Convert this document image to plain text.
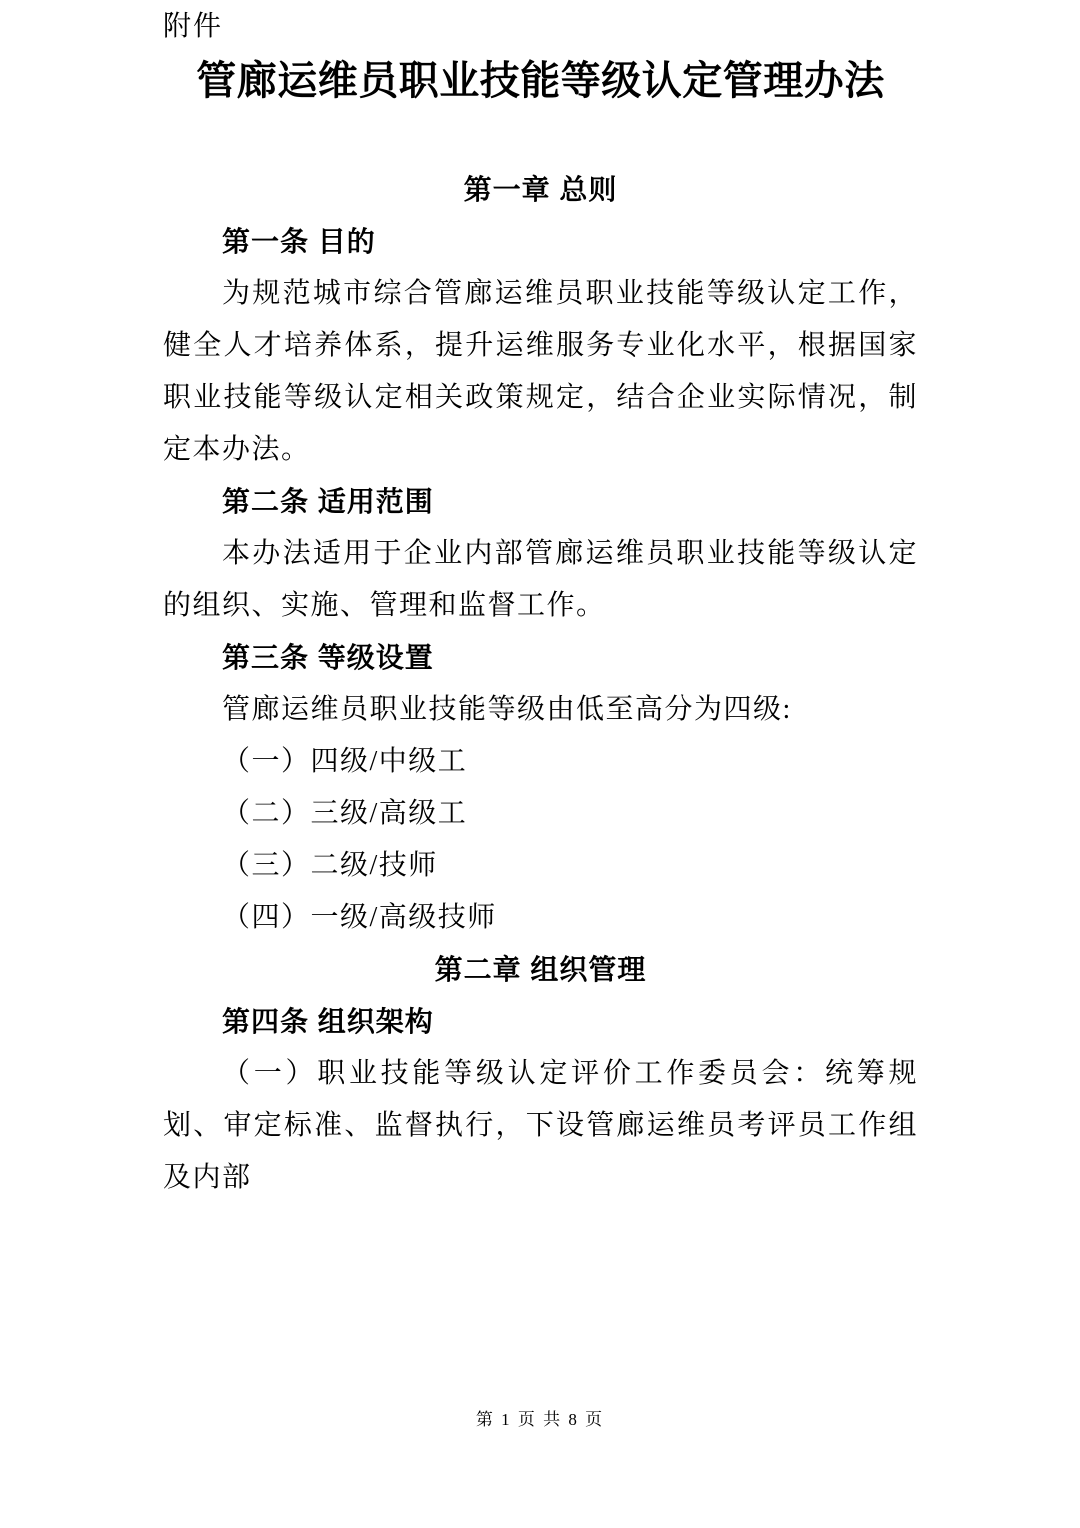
附件
管廊运维员职业技能等级认定管理办法
第一章 总则
第一条 目的
为规范城市综合管廊运维员职业技能等级认定工作，健全人才培养体系，提升运维服务专业化水平，根据国家职业技能等级认定相关政策规定，结合企业实际情况，制定本办法。
第二条 适用范围
本办法适用于企业内部管廊运维员职业技能等级认定的组织、实施、管理和监督工作。
第三条 等级设置
管廊运维员职业技能等级由低至高分为四级:
（一）四级/中级工
（二）三级/高级工
（三）二级/技师
（四）一级/高级技师
第二章 组织管理
第四条 组织架构
（一）职业技能等级认定评价工作委员会：统筹规划、审定标准、监督执行，下设管廊运维员考评员工作组及内部
第 1 页 共 8 页
